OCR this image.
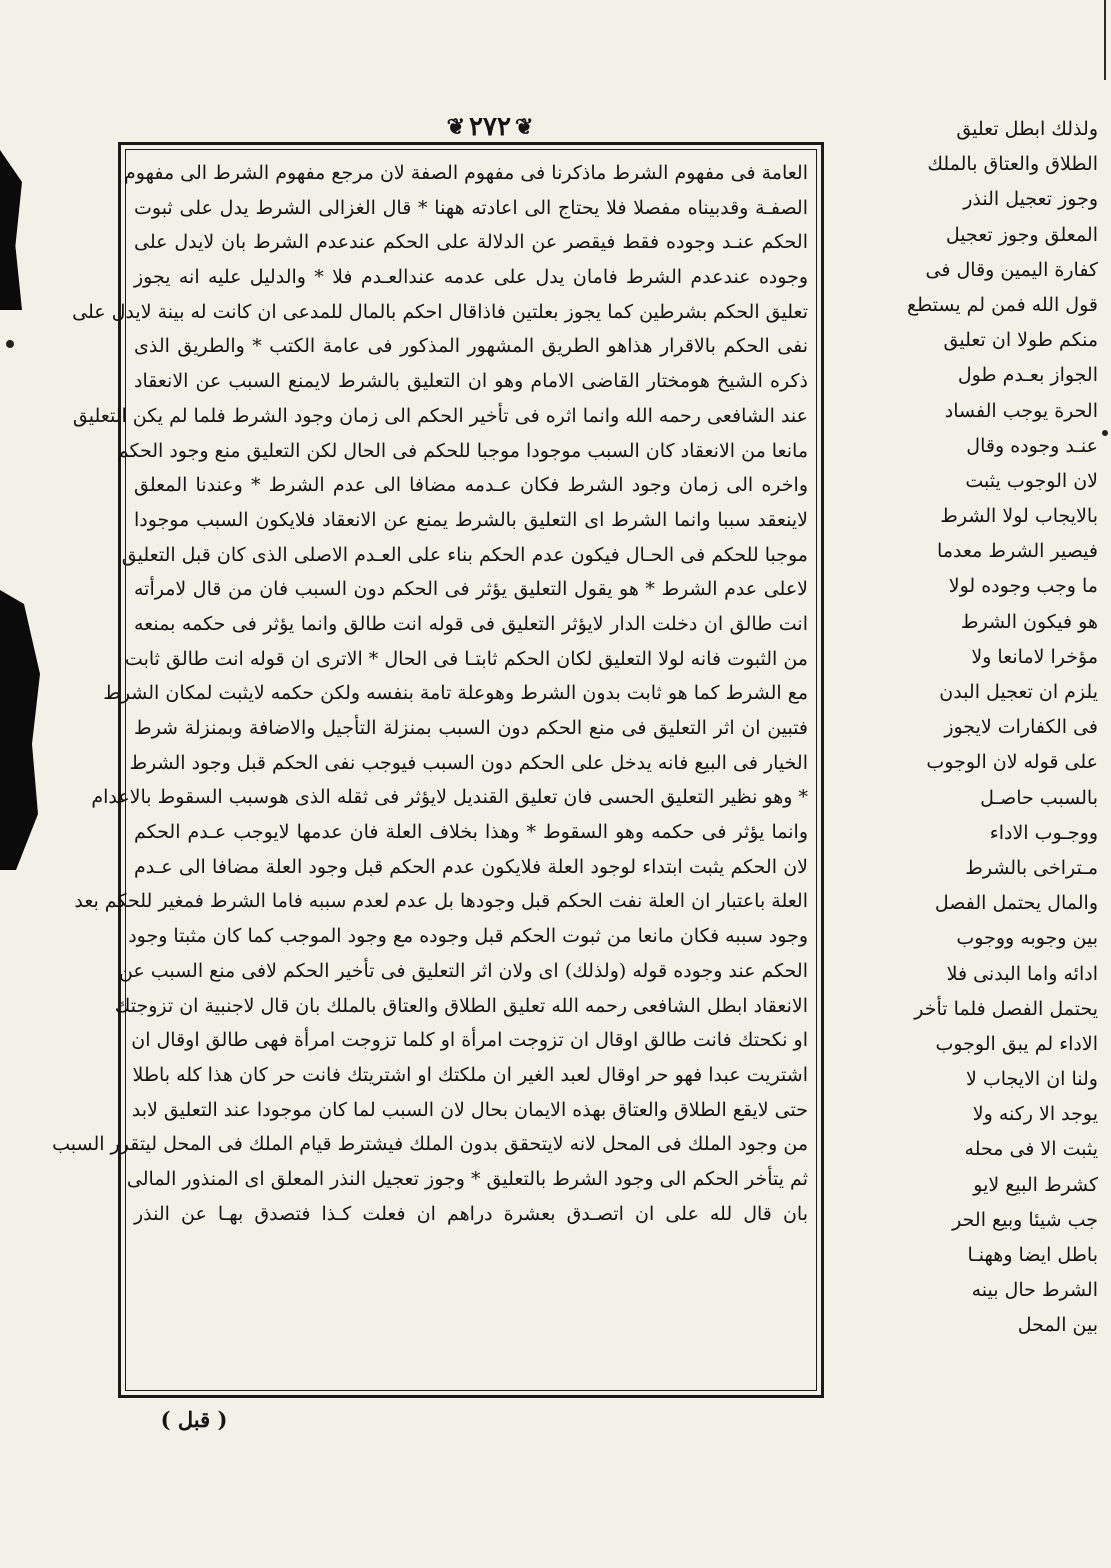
❦
٢٧٢
❦
العامة فى مفهوم الشرط ماذكرنا فى مفهوم الصفة لان مرجع مفهوم الشرط الى مفهوم
الصفـة وقدبيناه مفصلا فلا يحتاج الى اعادته ههنا * قال الغزالى الشرط يدل على ثبوت
الحكم عنـد وجوده فقط فيقصر عن الدلالة على الحكم عندعدم الشرط بان لايدل على
وجوده عندعدم الشرط فامان يدل على عدمه عندالعـدم فلا * والدليل عليه انه يجوز
تعليق الحكم بشرطين كما يجوز بعلتين فاذاقال احكم بالمال للمدعى ان كانت له بينة لايدل على
نفى الحكم بالاقرار هذاهو الطريق المشهور المذكور فى عامة الكتب * والطريق الذى
ذكره الشيخ هومختار القاضى الامام وهو ان التعليق بالشرط لايمنع السبب عن الانعقاد
عند الشافعى رحمه الله وانما اثره فى تأخير الحكم الى زمان وجود الشرط فلما لم يكن التعليق
مانعا من الانعقاد كان السبب موجودا موجبا للحكم فى الحال لكن التعليق منع وجود الحكم
واخره الى زمان وجود الشرط فكان عـدمه مضافا الى عدم الشرط * وعندنا المعلق
لاينعقد سببا وانما الشرط اى التعليق بالشرط يمنع عن الانعقاد فلايكون السبب موجودا
موجبا للحكم فى الحـال فيكون عدم الحكم بناء على العـدم الاصلى الذى كان قبل التعليق
لاعلى عدم الشرط * هو يقول التعليق يؤثر فى الحكم دون السبب فان من قال لامرأته
انت طالق ان دخلت الدار لايؤثر التعليق فى قوله انت طالق وانما يؤثر فى حكمه بمنعه
من الثبوت فانه لولا التعليق لكان الحكم ثابتـا فى الحال * الاترى ان قوله انت طالق ثابت
مع الشرط كما هو ثابت بدون الشرط وهوعلة تامة بنفسه ولكن حكمه لايثبت لمكان الشرط
فتبين ان اثر التعليق فى منع الحكم دون السبب بمنزلة التأجيل والاضافة وبمنزلة شرط
الخيار فى البيع فانه يدخل على الحكم دون السبب فيوجب نفى الحكم قبل وجود الشرط
* وهو نظير التعليق الحسى فان تعليق القنديل لايؤثر فى ثقله الذى هوسبب السقوط بالاعدام
وانما يؤثر فى حكمه وهو السقوط * وهذا بخلاف العلة فان عدمها لايوجب عـدم الحكم
لان الحكم يثبت ابتداء لوجود العلة فلايكون عدم الحكم قبل وجود العلة مضافا الى عـدم
العلة باعتبار ان العلة نفت الحكم قبل وجودها بل عدم لعدم سببه فاما الشرط فمغير للحكم بعد
وجود سببه فكان مانعا من ثبوت الحكم قبل وجوده مع وجود الموجب كما كان مثبتا وجود
الحكم عند وجوده قوله (ولذلك) اى ولان اثر التعليق فى تأخير الحكم لافى منع السبب عن
الانعقاد ابطل الشافعى رحمه الله تعليق الطلاق والعتاق بالملك بان قال لاجنبية ان تزوجتك
او نكحتك فانت طالق اوقال ان تزوجت امرأة او كلما تزوجت امرأة فهى طالق اوقال ان
اشتريت عبدا فهو حر اوقال لعبد الغير ان ملكتك او اشتريتك فانت حر كان هذا كله باطلا
حتى لايقع الطلاق والعتاق بهذه الايمان بحال لان السبب لما كان موجودا عند التعليق لابد
من وجود الملك فى المحل لانه لايتحقق بدون الملك فيشترط قيام الملك فى المحل ليتقرر السبب
ثم يتأخر الحكم الى وجود الشرط بالتعليق * وجوز تعجيل النذر المعلق اى المنذور المالى
بان قال لله على ان اتصـدق بعشرة دراهم ان فعلت كـذا فتصدق بهـا عن النذر
ولذلك ابطل تعليق
الطلاق والعتاق بالملك
وجوز تعجيل النذر
المعلق وجوز تعجيل
كفارة اليمين وقال فى
قول الله فمن لم يستطع
منكم طولا ان تعليق
الجواز بعـدم طول
الحرة يوجب الفساد
عنـد وجوده وقال
لان الوجوب يثبت
بالايجاب لولا الشرط
فيصير الشرط معدما
ما وجب وجوده لولا
هو فيكون الشرط
مؤخرا لامانعا ولا
يلزم ان تعجيل البدن
فى الكفارات لايجوز
على قوله لان الوجوب
بالسبب حاصـل
ووجـوب الاداء
مـتراخى بالشرط
والمال يحتمل الفصل
بين وجوبه ووجوب
ادائه واما البدنى فلا
يحتمل الفصل فلما تأخر
الاداء لم يبق الوجوب
ولنا ان الايجاب لا
يوجد الا ركنه ولا
يثبت الا فى محله
كشرط البيع لايو
جب شيئا وبيع الحر
باطل ايضا وههنـا
الشرط حال بينه
بين المحل
( قبل )
